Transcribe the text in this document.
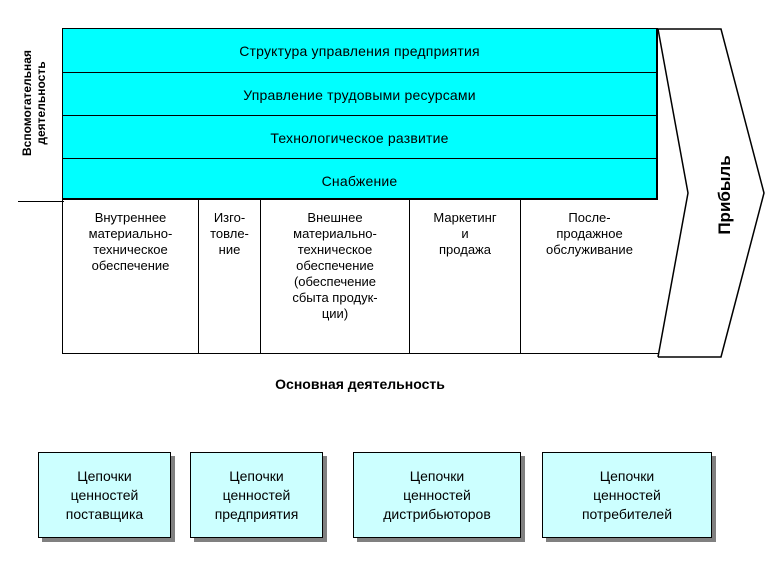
Вспомогательная деятельность
Структура управления предприятия
Управление трудовыми ресурсами
Технологическое развитие
Снабжение
Внутреннее
материально-
техническое
обеспечение
Изго-
товле-
ние
Внешнее
материально-
техническое
обеспечение
(обеспечение
сбыта продук-
ции)
Маркетинг
и
продажа
После-
продажное
обслуживание
Прибыль
Основная деятельность
Цепочки
ценностей
поставщика
Цепочки
ценностей
предприятия
Цепочки
ценностей
дистрибьюторов
Цепочки
ценностей
потребителей
